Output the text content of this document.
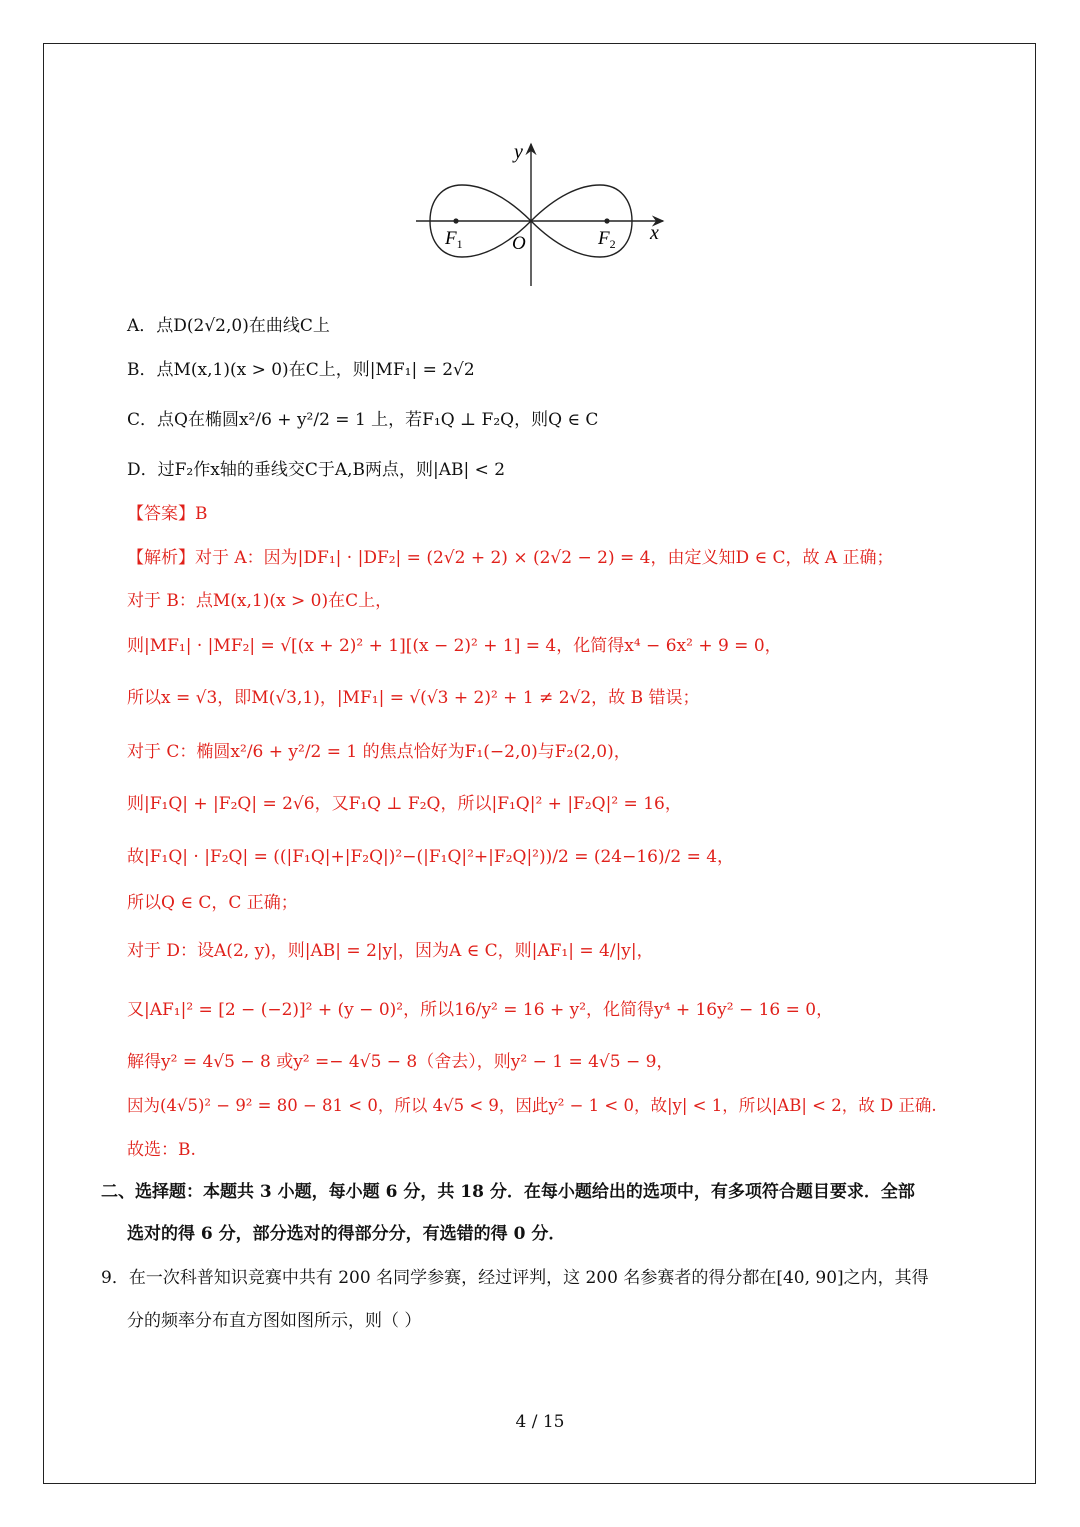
y
x
O
$F_1$	$F_2$
A．点D(2√2,0)在曲线C上
B．点M(x,1)(x > 0)在C上，则|MF₁| = 2√2
C．点Q在椭圆x²/6 + y²/2 = 1 上，若F₁Q ⊥ F₂Q，则Q ∈ C
D．过F₂作x轴的垂线交C于A,B两点，则|AB| < 2
【答案】B
【解析】对于 A：因为|DF₁| · |DF₂| = (2√2 + 2) × (2√2 − 2) = 4，由定义知D ∈ C，故 A 正确；
对于 B：点M(x,1)(x > 0)在C上，
则|MF₁| · |MF₂| = √[(x + 2)² + 1][(x − 2)² + 1] = 4，化简得x⁴ − 6x² + 9 = 0，
所以x = √3，即M(√3,1)，|MF₁| = √(√3 + 2)² + 1 ≠ 2√2，故 B 错误；
对于 C：椭圆x²/6 + y²/2 = 1 的焦点恰好为F₁(−2,0)与F₂(2,0)，
则|F₁Q| + |F₂Q| = 2√6，又F₁Q ⊥ F₂Q，所以|F₁Q|² + |F₂Q|² = 16，
故|F₁Q| · |F₂Q| = ((|F₁Q|+|F₂Q|)²−(|F₁Q|²+|F₂Q|²))/2 = (24−16)/2 = 4，
所以Q ∈ C，C 正确；
对于 D：设A(2, y)，则|AB| = 2|y|，因为A ∈ C，则|AF₁| = 4/|y|，
又|AF₁|² = [2 − (−2)]² + (y − 0)²，所以16/y² = 16 + y²，化简得y⁴ + 16y² − 16 = 0，
解得y² = 4√5 − 8 或y² =− 4√5 − 8（舍去），则y² − 1 = 4√5 − 9，
因为(4√5)² − 9² = 80 − 81 < 0，所以 4√5 < 9，因此y² − 1 < 0，故|y| < 1，所以|AB| < 2，故 D 正确.
故选：B.
二、选择题：本题共 3 小题，每小题 6 分，共 18 分．在每小题给出的选项中，有多项符合题目要求．全部
选对的得 6 分，部分选对的得部分分，有选错的得 0 分．
9．在一次科普知识竞赛中共有 200 名同学参赛，经过评判，这 200 名参赛者的得分都在[40, 90]之内，其得
分的频率分布直方图如图所示，则（ ）
4 / 15
